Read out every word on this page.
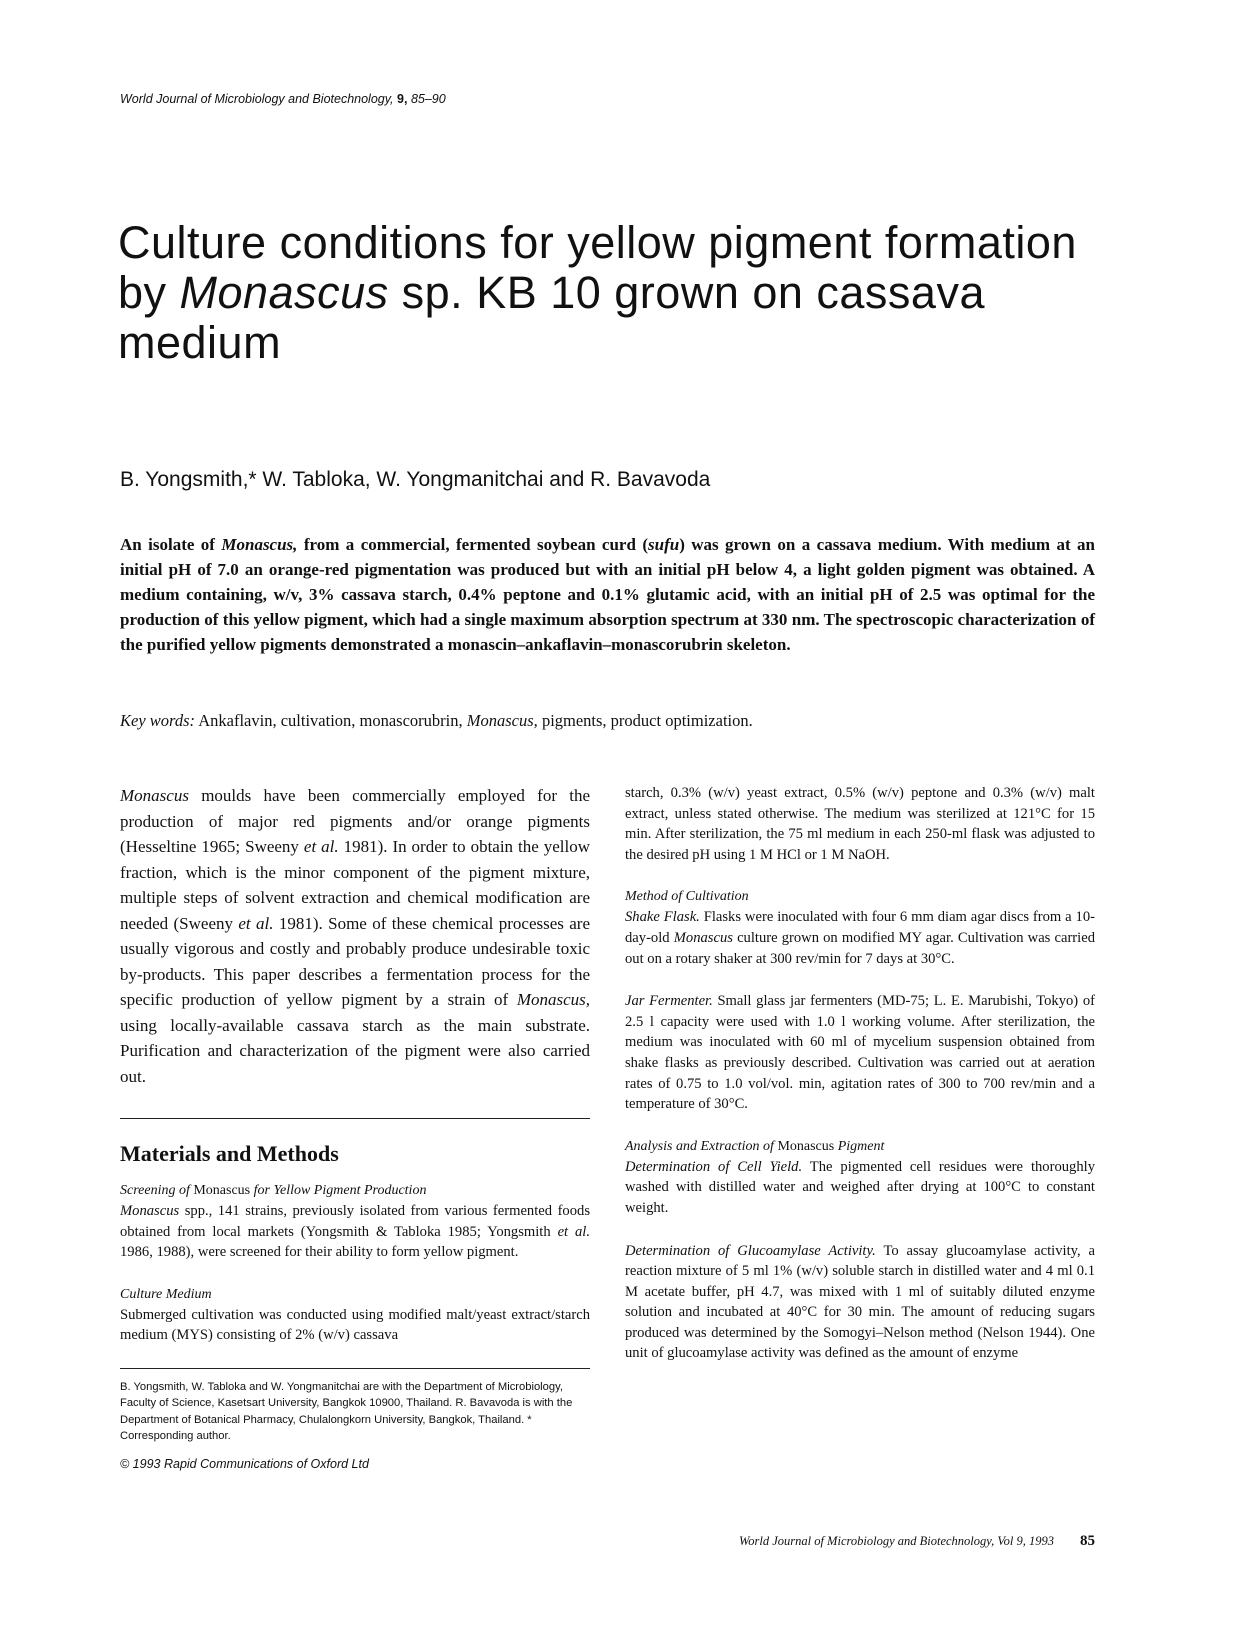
World Journal of Microbiology and Biotechnology, 9, 85–90
Culture conditions for yellow pigment formation by Monascus sp. KB 10 grown on cassava medium
B. Yongsmith,* W. Tabloka, W. Yongmanitchai and R. Bavavoda

An isolate of Monascus, from a commercial, fermented soybean curd (sufu) was grown on a cassava medium. With medium at an initial pH of 7.0 an orange-red pigmentation was produced but with an initial pH below 4, a light golden pigment was obtained. A medium containing, w/v, 3% cassava starch, 0.4% peptone and 0.1% glutamic acid, with an initial pH of 2.5 was optimal for the production of this yellow pigment, which had a single maximum absorption spectrum at 330 nm. The spectroscopic characterization of the purified yellow pigments demonstrated a monascin–ankaflavin–monascorubrin skeleton.

Key words: Ankaflavin, cultivation, monascorubrin, Monascus, pigments, product optimization.

Monascus moulds have been commercially employed for the production of major red pigments and/or orange pigments (Hesseltine 1965; Sweeny et al. 1981). In order to obtain the yellow fraction, which is the minor component of the pigment mixture, multiple steps of solvent extraction and chemical modification are needed (Sweeny et al. 1981). Some of these chemical processes are usually vigorous and costly and probably produce undesirable toxic by-products. This paper describes a fermentation process for the specific production of yellow pigment by a strain of Monascus, using locally-available cassava starch as the main substrate. Purification and characterization of the pigment were also carried out.

Materials and Methods
Screening of Monascus for Yellow Pigment Production

Monascus spp., 141 strains, previously isolated from various fermented foods obtained from local markets (Yongsmith & Tabloka 1985; Yongsmith et al. 1986, 1988), were screened for their ability to form yellow pigment.

Culture Medium

Submerged cultivation was conducted using modified malt/yeast extract/starch medium (MYS) consisting of 2% (w/v) cassava

B. Yongsmith, W. Tabloka and W. Yongmanitchai are with the Department of Microbiology, Faculty of Science, Kasetsart University, Bangkok 10900, Thailand. R. Bavavoda is with the Department of Botanical Pharmacy, Chulalongkorn University, Bangkok, Thailand. * Corresponding author.

© 1993 Rapid Communications of Oxford Ltd

starch, 0.3% (w/v) yeast extract, 0.5% (w/v) peptone and 0.3% (w/v) malt extract, unless stated otherwise. The medium was sterilized at 121°C for 15 min. After sterilization, the 75 ml medium in each 250-ml flask was adjusted to the desired pH using 1 M HCl or 1 M NaOH.

Method of Cultivation

Shake Flask. Flasks were inoculated with four 6 mm diam agar discs from a 10-day-old Monascus culture grown on modified MY agar. Cultivation was carried out on a rotary shaker at 300 rev/min for 7 days at 30°C.

Jar Fermenter. Small glass jar fermenters (MD-75; L. E. Marubishi, Tokyo) of 2.5 l capacity were used with 1.0 l working volume. After sterilization, the medium was inoculated with 60 ml of mycelium suspension obtained from shake flasks as previously described. Cultivation was carried out at aeration rates of 0.75 to 1.0 vol/vol. min, agitation rates of 300 to 700 rev/min and a temperature of 30°C.

Analysis and Extraction of Monascus Pigment

Determination of Cell Yield. The pigmented cell residues were thoroughly washed with distilled water and weighed after drying at 100°C to constant weight.

Determination of Glucoamylase Activity. To assay glucoamylase activity, a reaction mixture of 5 ml 1% (w/v) soluble starch in distilled water and 4 ml 0.1 M acetate buffer, pH 4.7, was mixed with 1 ml of suitably diluted enzyme solution and incubated at 40°C for 30 min. The amount of reducing sugars produced was determined by the Somogyi–Nelson method (Nelson 1944). One unit of glucoamylase activity was defined as the amount of enzyme

World Journal of Microbiology and Biotechnology, Vol 9, 1993 85
